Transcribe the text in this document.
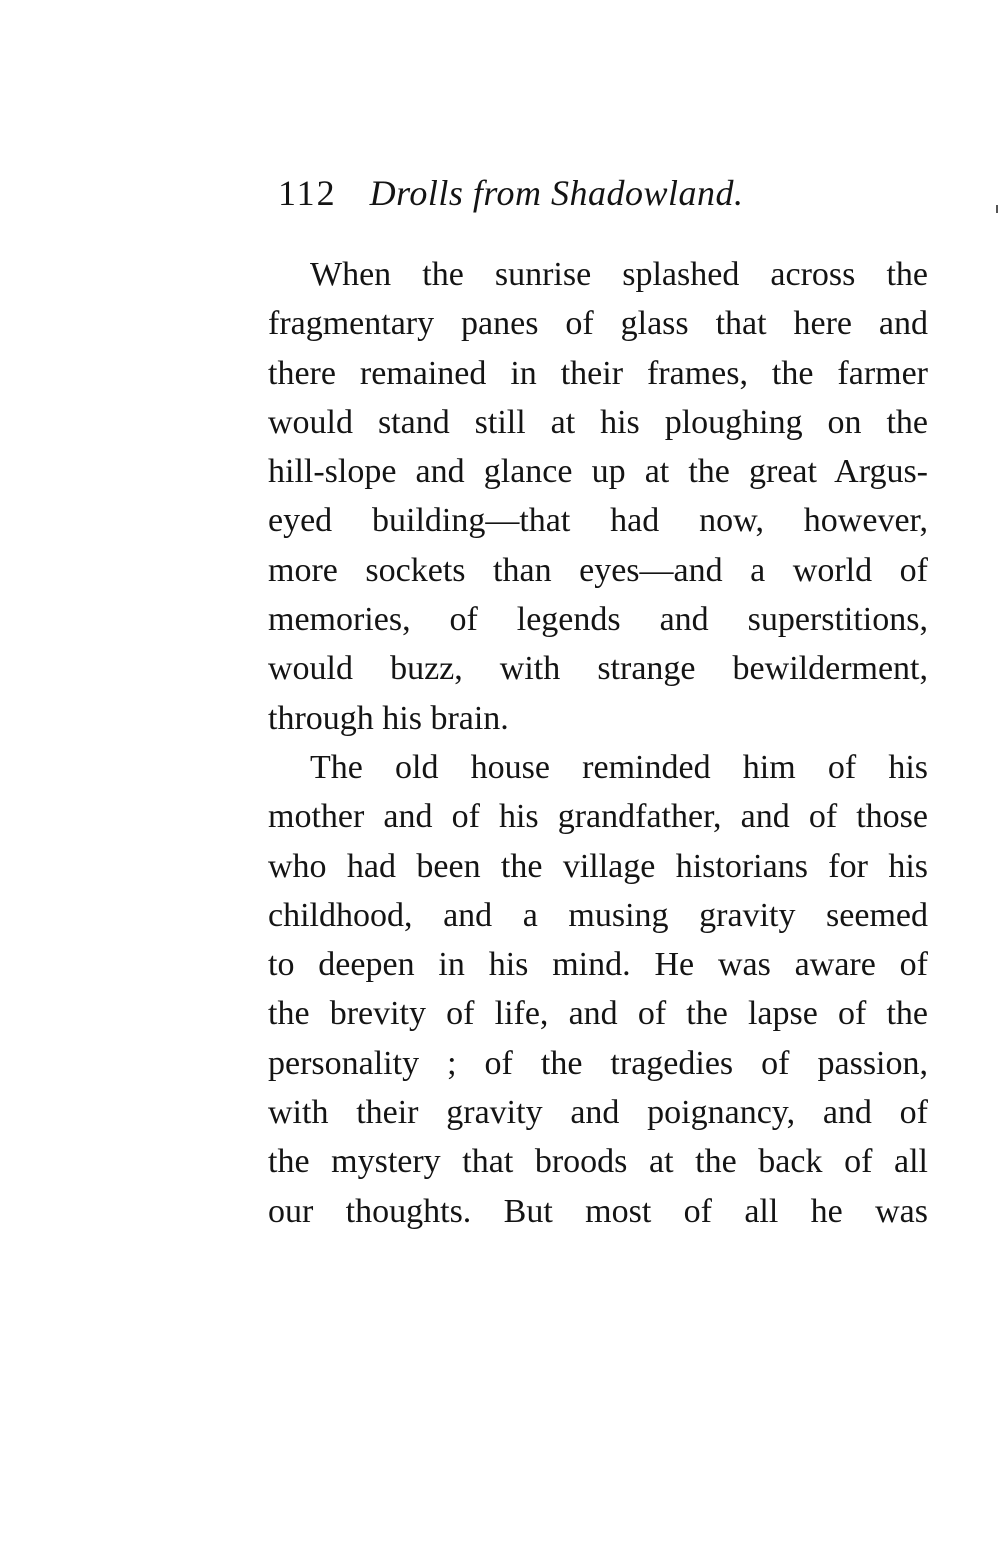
112 Drolls from Shadowland.
When the sunrise splashed across the
fragmentary panes of glass that here and
there remained in their frames, the farmer
would stand still at his ploughing on the
hill-slope and glance up at the great Argus-
eyed building—that had now, however,
more sockets than eyes—and a world of
memories, of legends and superstitions,
would buzz, with strange bewilderment,
through his brain.
The old house reminded him of his
mother and of his grandfather, and of those
who had been the village historians for his
childhood, and a musing gravity seemed
to deepen in his mind. He was aware of
the brevity of life, and of the lapse of the
personality ; of the tragedies of passion,
with their gravity and poignancy, and of
the mystery that broods at the back of all
our thoughts. But most of all he was
